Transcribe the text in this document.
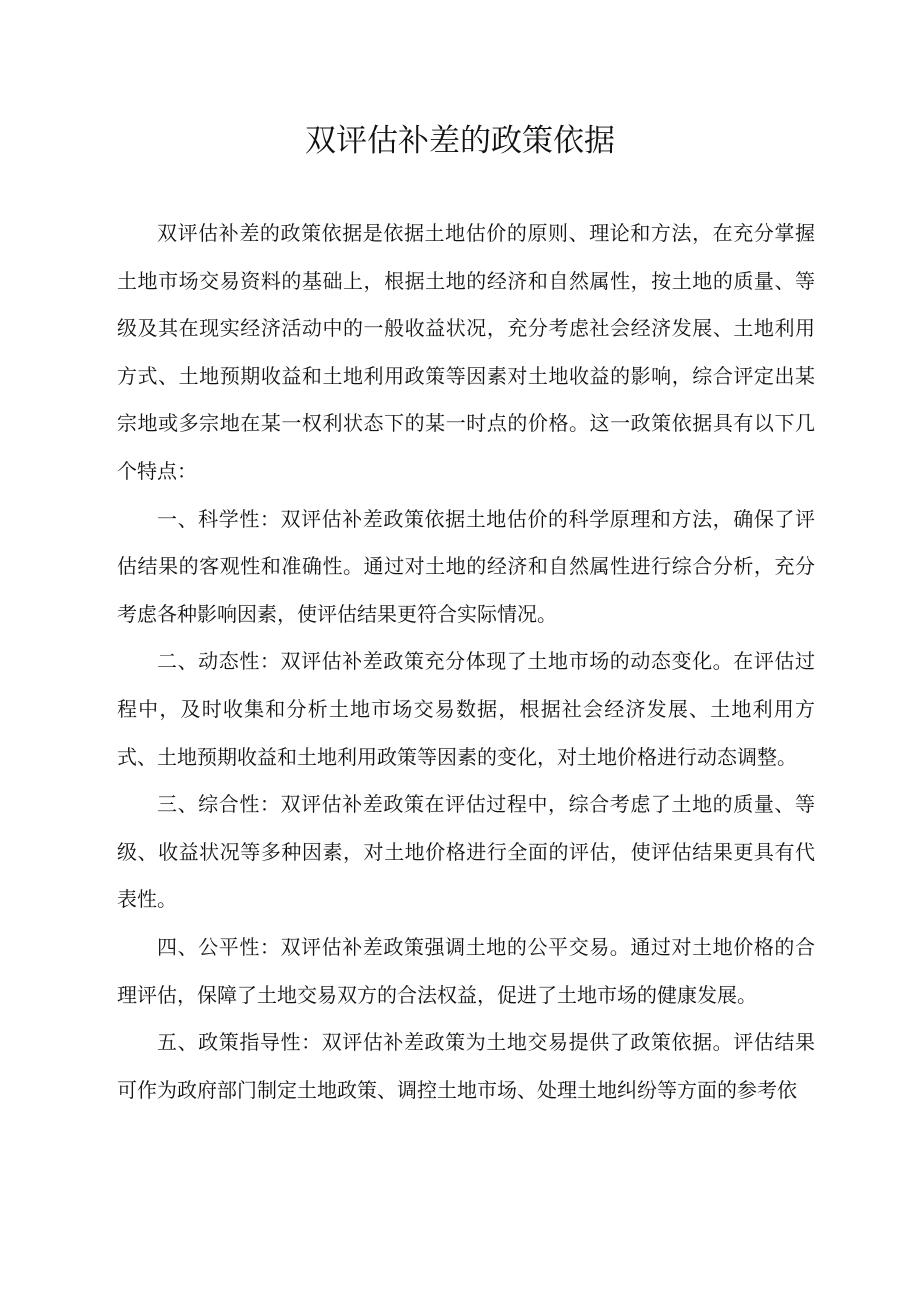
双评估补差的政策依据

双评估补差的政策依据是依据土地估价的原则、理论和方法，在充分掌握土地市场交易资料的基础上，根据土地的经济和自然属性，按土地的质量、等级及其在现实经济活动中的一般收益状况，充分考虑社会经济发展、土地利用方式、土地预期收益和土地利用政策等因素对土地收益的影响，综合评定出某宗地或多宗地在某一权利状态下的某一时点的价格。这一政策依据具有以下几个特点：

一、科学性：双评估补差政策依据土地估价的科学原理和方法，确保了评估结果的客观性和准确性。通过对土地的经济和自然属性进行综合分析，充分考虑各种影响因素，使评估结果更符合实际情况。

二、动态性：双评估补差政策充分体现了土地市场的动态变化。在评估过程中，及时收集和分析土地市场交易数据，根据社会经济发展、土地利用方式、土地预期收益和土地利用政策等因素的变化，对土地价格进行动态调整。

三、综合性：双评估补差政策在评估过程中，综合考虑了土地的质量、等级、收益状况等多种因素，对土地价格进行全面的评估，使评估结果更具有代表性。

四、公平性：双评估补差政策强调土地的公平交易。通过对土地价格的合理评估，保障了土地交易双方的合法权益，促进了土地市场的健康发展。

五、政策指导性：双评估补差政策为土地交易提供了政策依据。评估结果可作为政府部门制定土地政策、调控土地市场、处理土地纠纷等方面的参考依
